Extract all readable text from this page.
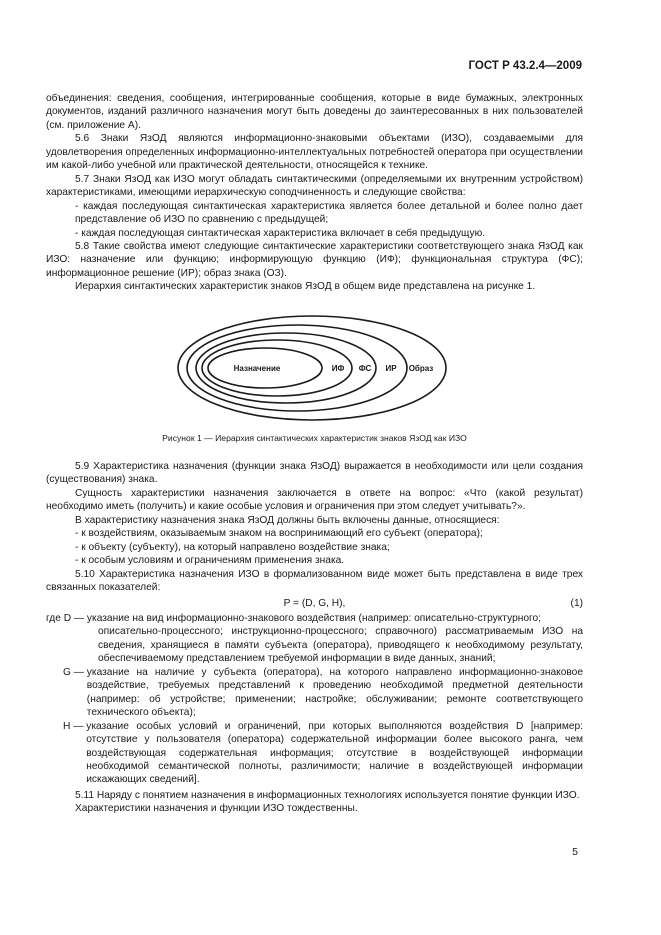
ГОСТ Р 43.2.4—2009

объединения: сведения, сообщения, интегрированные сообщения, которые в виде бумажных, электронных документов, изданий различного назначения могут быть доведены до заинтересованных в них пользователей (см. приложение А).

5.6 Знаки ЯзОД являются информационно-знаковыми объектами (ИЗО), создаваемыми для удовлетворения определенных информационно-интеллектуальных потребностей оператора при осуществлении им какой-либо учебной или практической деятельности, относящейся к технике.

5.7 Знаки ЯзОД как ИЗО могут обладать синтактическими (определяемыми их внутренним устройством) характеристиками, имеющими иерархическую соподчиненность и следующие свойства:

- каждая последующая синтактическая характеристика является более детальной и более полно дает представление об ИЗО по сравнению с предыдущей;

- каждая последующая синтактическая характеристика включает в себя предыдущую.

5.8 Такие свойства имеют следующие синтактические характеристики соответствующего знака ЯзОД как ИЗО: назначение или функцию; информирующую функцию (ИФ); функциональная структура (ФС); информационное решение (ИР); образ знака (ОЗ).

Иерархия синтактических характеристик знаков ЯзОД в общем виде представлена на рисунке 1.

Назначение	ИФ ФС ИР Образ
Рисунок 1 — Иерархия синтактических характеристик знаков ЯзОД как ИЗО

5.9 Характеристика назначения (функции знака ЯзОД) выражается в необходимости или цели создания (существования) знака.

Сущность характеристики назначения заключается в ответе на вопрос: «Что (какой результат) необходимо иметь (получить) и какие особые условия и ограничения при этом следует учитывать?».

В характеристику назначения знака ЯзОД должны быть включены данные, относящиеся:

- к воздействиям, оказываемым знаком на воспринимающий его субъект (оператора);

- к объекту (субъекту), на который направлено воздействие знака;

- к особым условиям и ограничениям применения знака.

5.10 Характеристика назначения ИЗО в формализованном виде может быть представлена в виде трех связанных показателей:

P = (D, G, H),	(1)
где D —
указание на вид информационно-знакового воздействия (например: описательно-структурного;

описательно-процессного; инструкционно-процессного; справочного) рассматриваемым ИЗО на сведения, хранящиеся в памяти субъекта (оператора), приводящего к необходимому результату, обеспечиваемому представлением требуемой информации в виде данных, знаний;

G —
указание на наличие у субъекта (оператора), на которого направлено информационно-знаковое воздействие, требуемых представлений к проведению необходимой предметной деятельности (например: об устройстве; применении; настройке; обслуживании; ремонте соответствующего технического объекта);
H —
указание особых условий и ограничений, при которых выполняются воздействия D [например: отсутствие у пользователя (оператора) содержательной информации более высокого ранга, чем воздействующая содержательная информация; отсутствие в воздействующей информации необходимой семантической полноты, различимости; наличие в воздействующей информации искажающих сведений].

5.11 Наряду с понятием назначения в информационных технологиях используется понятие функции ИЗО.

Характеристики назначения и функции ИЗО тождественны.

5
